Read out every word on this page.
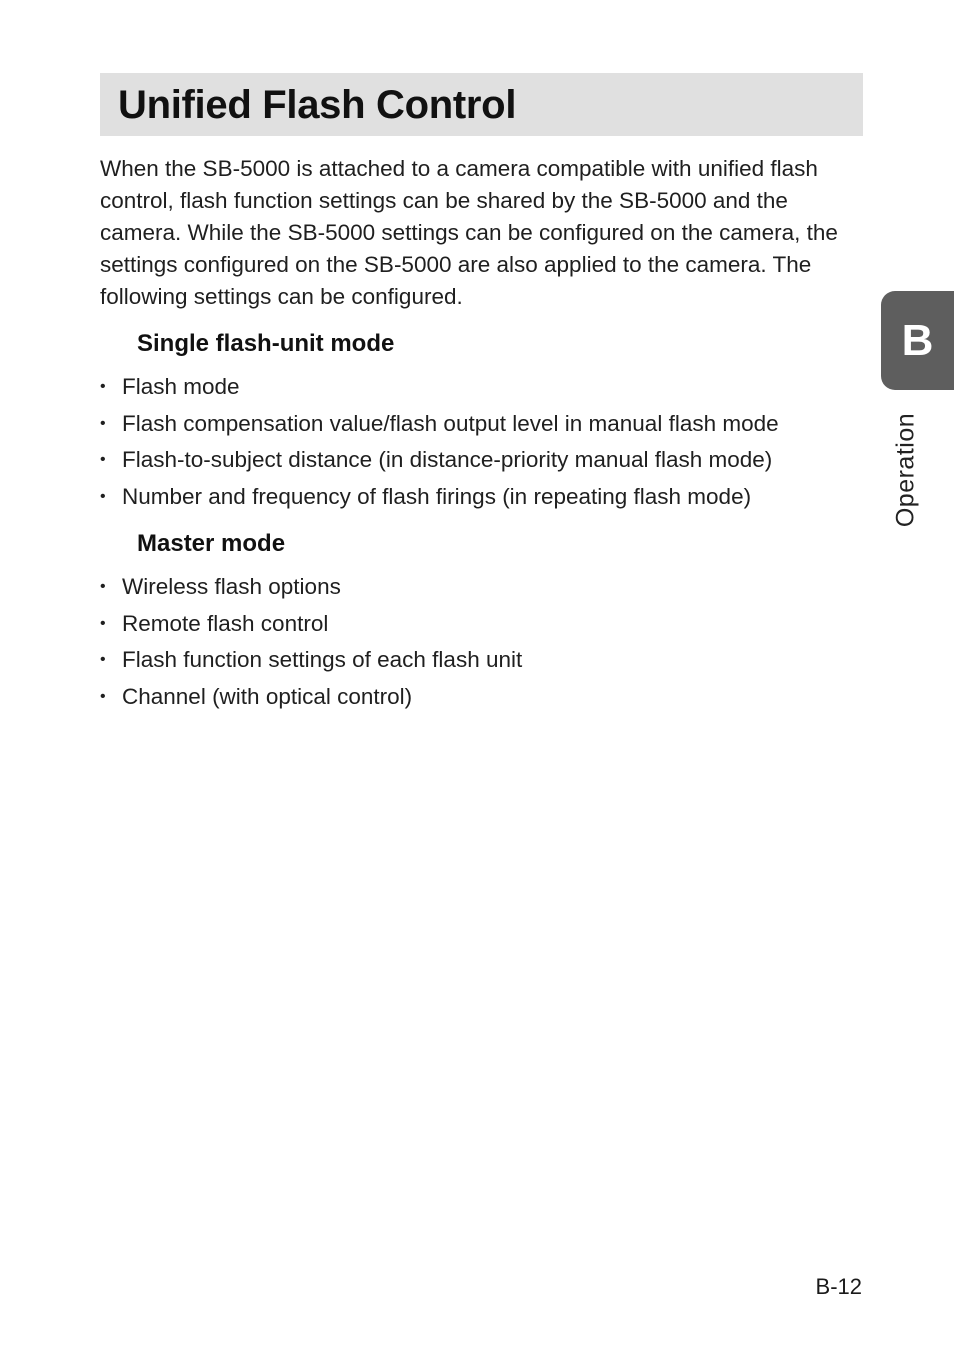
Unified Flash Control

When the SB-5000 is attached to a camera compatible with unified flash control, flash function settings can be shared by the SB-5000 and the camera. While the SB-5000 settings can be configured on the camera, the settings configured on the SB-5000 are also applied to the camera. The following settings can be configured.

Single flash-unit mode
• Flash mode
• Flash compensation value/flash output level in manual flash mode
• Flash-to-subject distance (in distance-priority manual flash mode)
• Number and frequency of flash firings (in repeating flash mode)
Master mode
• Wireless flash options
• Remote flash control
• Flash function settings of each flash unit
• Channel (with optical control)
B
Operation
B-12
